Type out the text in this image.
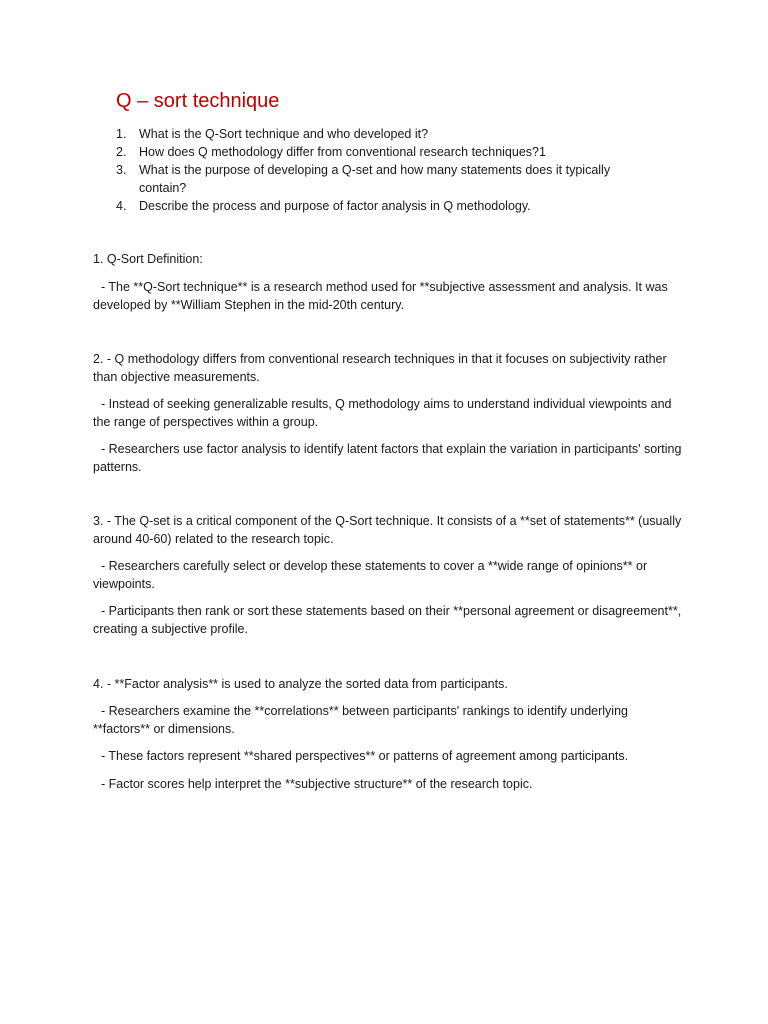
Q – sort technique
1. What is the Q-Sort technique and who developed it?
2. How does Q methodology differ from conventional research techniques?1
3. What is the purpose of developing a Q-set and how many statements does it typically contain?
4. Describe the process and purpose of factor analysis in Q methodology.

1. Q-Sort Definition:

- The **Q-Sort technique** is a research method used for **subjective assessment and analysis. It was developed by **William Stephen in the mid-20th century.

2. - Q methodology differs from conventional research techniques in that it focuses on subjectivity rather than objective measurements.

- Instead of seeking generalizable results, Q methodology aims to understand individual viewpoints and the range of perspectives within a group.

- Researchers use factor analysis to identify latent factors that explain the variation in participants' sorting patterns.

3. - The Q-set is a critical component of the Q-Sort technique. It consists of a **set of statements** (usually around 40-60) related to the research topic.

- Researchers carefully select or develop these statements to cover a **wide range of opinions** or viewpoints.

- Participants then rank or sort these statements based on their **personal agreement or disagreement**, creating a subjective profile.

4. - **Factor analysis** is used to analyze the sorted data from participants.

- Researchers examine the **correlations** between participants' rankings to identify underlying **factors** or dimensions.

- These factors represent **shared perspectives** or patterns of agreement among participants.

- Factor scores help interpret the **subjective structure** of the research topic.
